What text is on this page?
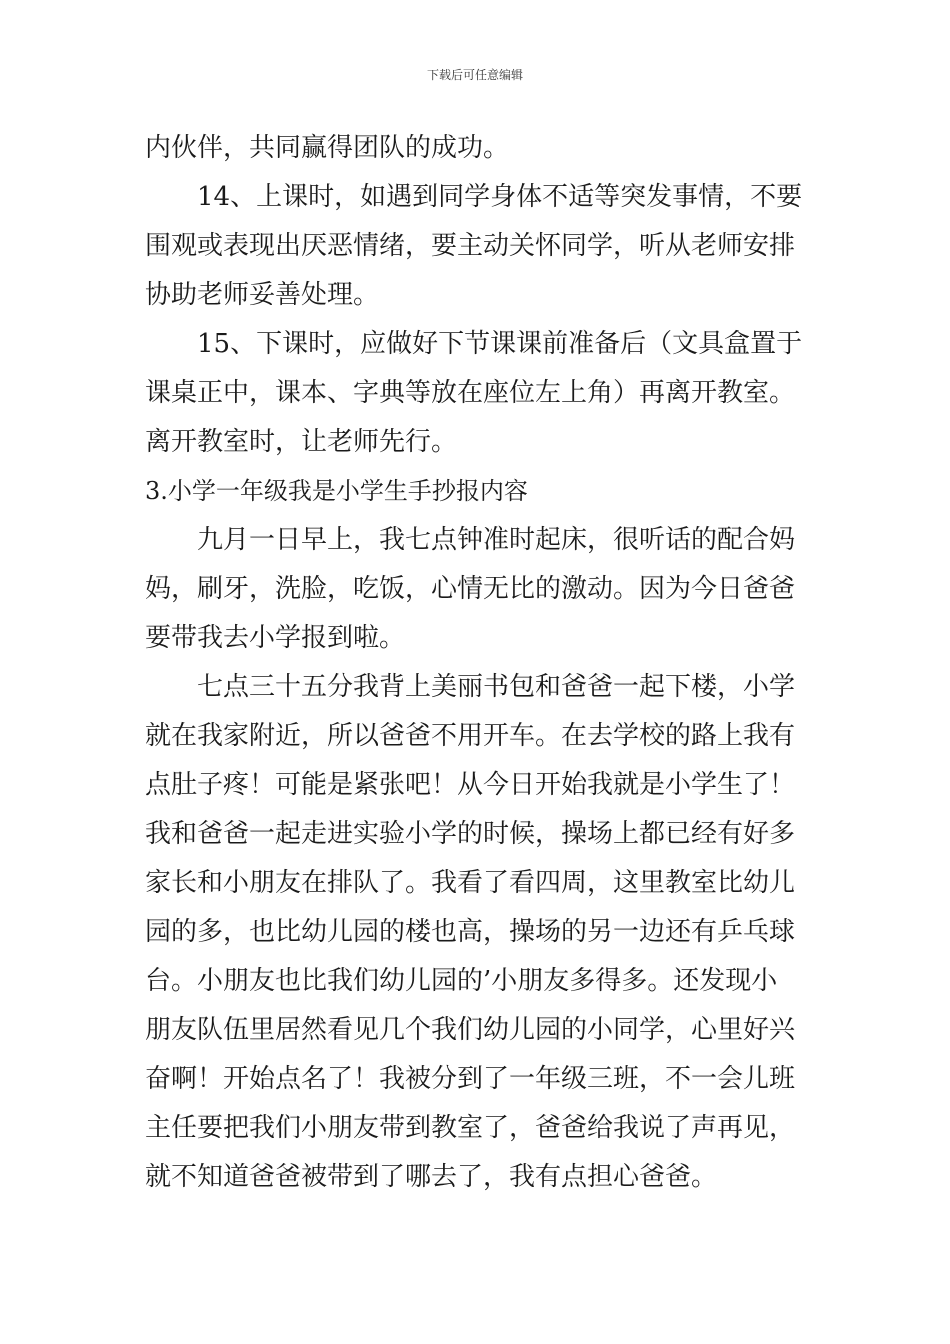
下载后可任意编辑
内伙伴，共同赢得团队的成功。
14、上课时，如遇到同学身体不适等突发事情，不要
围观或表现出厌恶情绪，要主动关怀同学，听从老师安排
协助老师妥善处理。
15、下课时，应做好下节课课前准备后（文具盒置于
课桌正中，课本、字典等放在座位左上角）再离开教室。
离开教室时，让老师先行。
3.小学一年级我是小学生手抄报内容
九月一日早上，我七点钟准时起床，很听话的配合妈
妈，刷牙，洗脸，吃饭，心情无比的激动。因为今日爸爸
要带我去小学报到啦。
七点三十五分我背上美丽书包和爸爸一起下楼，小学
就在我家附近，所以爸爸不用开车。在去学校的路上我有
点肚子疼！可能是紧张吧！从今日开始我就是小学生了！
我和爸爸一起走进实验小学的时候，操场上都已经有好多
家长和小朋友在排队了。我看了看四周，这里教室比幼儿
园的多，也比幼儿园的楼也高，操场的另一边还有乒乓球
台。小朋友也比我们幼儿园的’小朋友多得多。还发现小
朋友队伍里居然看见几个我们幼儿园的小同学，心里好兴
奋啊！开始点名了！我被分到了一年级三班，不一会儿班
主任要把我们小朋友带到教室了，爸爸给我说了声再见，
就不知道爸爸被带到了哪去了，我有点担心爸爸。
